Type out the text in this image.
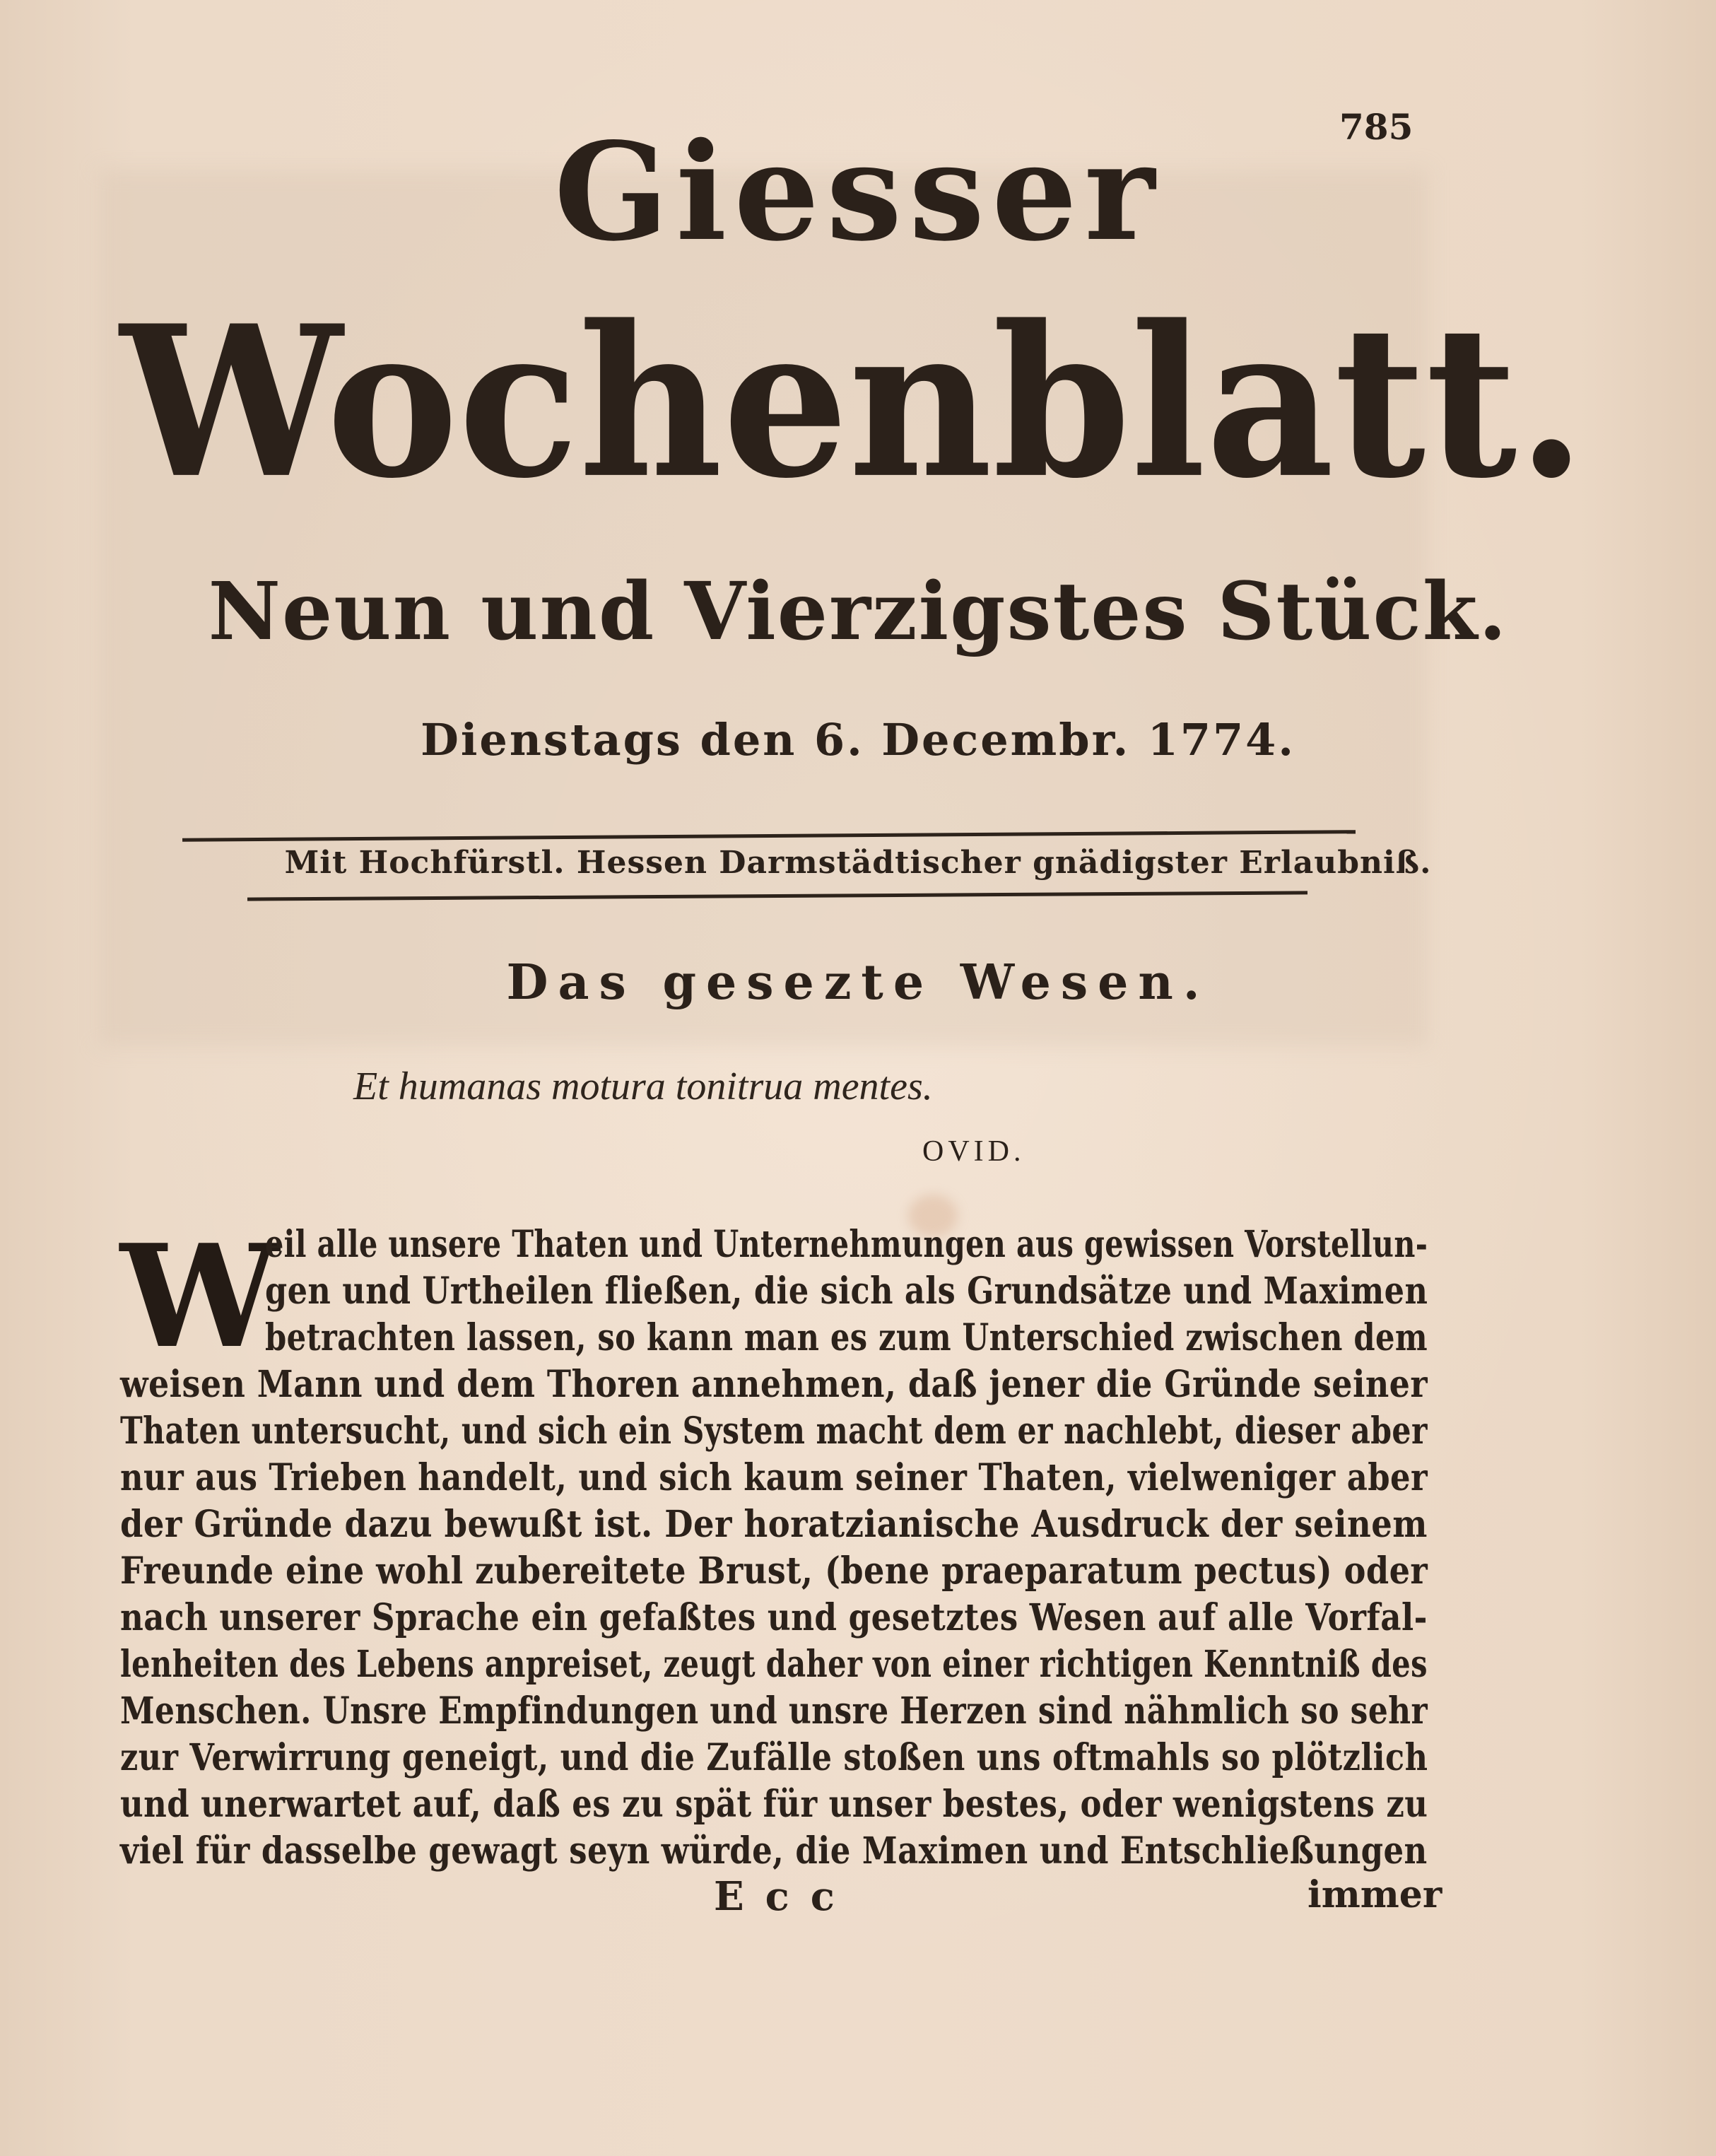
785
Giesser
Wochenblatt.
Neun und Vierzigstes Stück.
Dienstags den 6. Decembr. 1774.
Mit Hochfürstl. Hessen Darmstädtischer gnädigster Erlaubniß.
Das gesezte Wesen.
Et humanas motura tonitrua mentes.
OVID.
W
eil alle unsere Thaten und Unternehmungen aus gewissen Vorstellun-
gen und Urtheilen fließen, die sich als Grundsätze und Maximen
betrachten lassen, so kann man es zum Unterschied zwischen dem
weisen Mann und dem Thoren annehmen, daß jener die Gründe seiner
Thaten untersucht, und sich ein System macht dem er nachlebt, dieser aber
nur aus Trieben handelt, und sich kaum seiner Thaten, vielweniger aber
der Gründe dazu bewußt ist. Der horatzianische Ausdruck der seinem
Freunde eine wohl zubereitete Brust, (bene praeparatum pectus) oder
nach unserer Sprache ein gefaßtes und gesetztes Wesen auf alle Vorfal-
lenheiten des Lebens anpreiset, zeugt daher von einer richtigen Kenntniß des
Menschen. Unsre Empfindungen und unsre Herzen sind nähmlich so sehr
zur Verwirrung geneigt, und die Zufälle stoßen uns oftmahls so plötzlich
und unerwartet auf, daß es zu spät für unser bestes, oder wenigstens zu
viel für dasselbe gewagt seyn würde, die Maximen und Entschließungen
Ecc	immer
